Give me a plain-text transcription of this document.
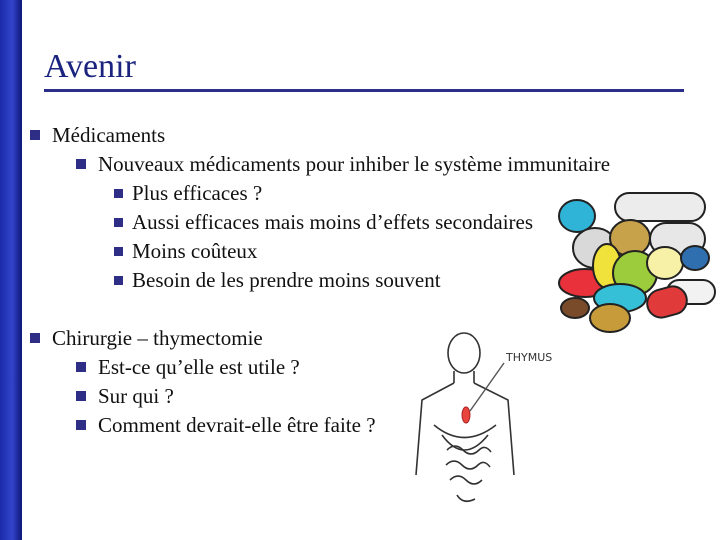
Avenir
Médicaments
Nouveaux médicaments pour inhiber le système immunitaire
Plus efficaces ?
Aussi efficaces mais moins d’effets secondaires
Moins coûteux
Besoin de les prendre moins souvent
Chirurgie – thymectomie
Est-ce qu’elle est utile ?
Sur qui ?
Comment devrait-elle être faite ?
THYMUS
